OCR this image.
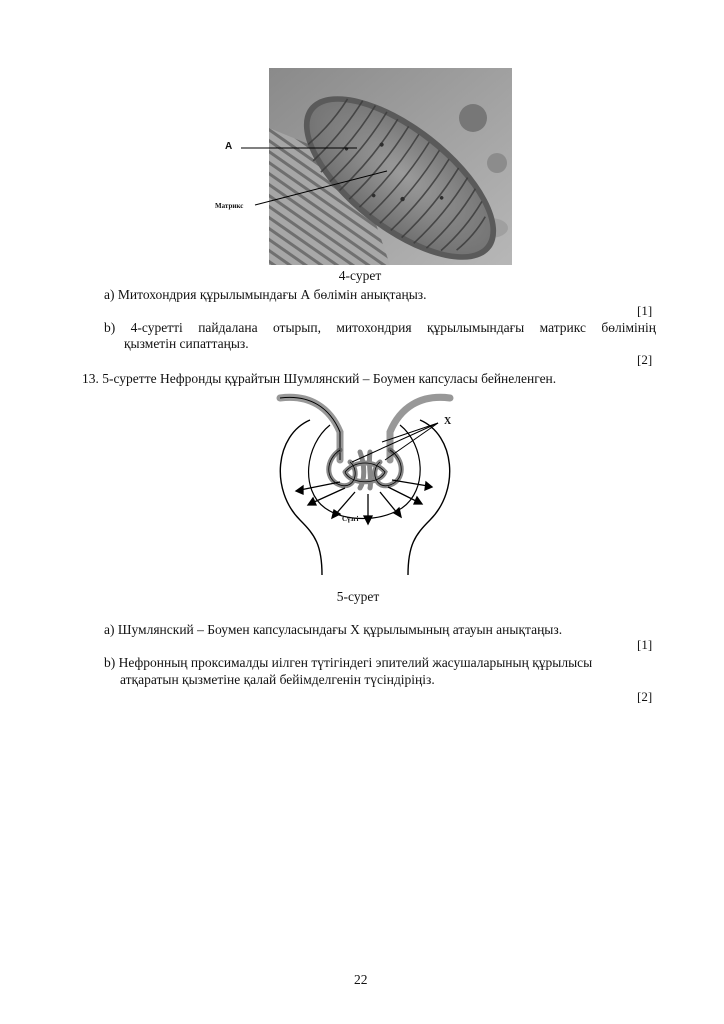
A
Матрикс
4-сурет
a) Митохондрия құрылымындағы А бөлімін анықтаңыз.
[1]
b) 4-суретті пайдалана отырып, митохондрия құрылымындағы матрикс бөлімінің
қызметін сипаттаңыз.
[2]
13. 5-суретте Нефронды құрайтын Шумлянский – Боумен капсуласы бейнеленген.
X
Сүзгі
5-сурет
a) Шумлянский – Боумен капсуласындағы Х құрылымының атауын анықтаңыз.
[1]
b) Нефронның проксималды иілген түтігіндегі эпителий жасушаларының құрылысы
атқаратын қызметіне қалай бейімделгенін түсіндіріңіз.
[2]
22
